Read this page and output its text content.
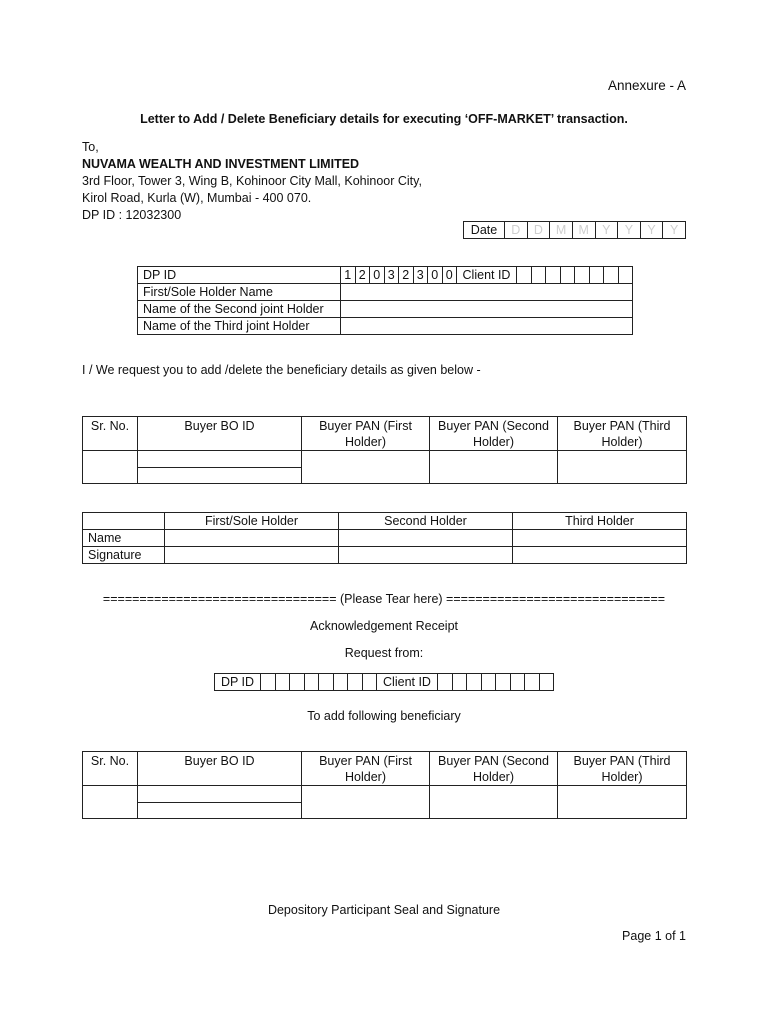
Annexure - A
Letter to Add / Delete Beneficiary details for executing ‘OFF-MARKET’ transaction.
To,
NUVAMA WEALTH AND INVESTMENT LIMITED
3rd Floor, Tower 3, Wing B, Kohinoor City Mall, Kohinoor City,
Kirol Road, Kurla (W), Mumbai - 400 070.
DP ID : 12032300
Date	D	D	M	M	Y	Y	Y	Y
DP ID	1	2	0	3	2	3	0	0	Client ID								
First/Sole Holder Name																	
Name of the Second joint Holder																	
Name of the Third joint Holder																	
I / We request you to add /delete the beneficiary details as given below -
Sr. No.	Buyer BO ID	Buyer PAN (First Holder)	Buyer PAN (Second Holder)	Buyer PAN (Third Holder)

	First/Sole Holder	Second Holder	Third Holder
Name			
Signature			
================================ (Please Tear here) ==============================
Acknowledgement Receipt
Request from:
DP ID									Client ID								
To add following beneficiary
Sr. No.	Buyer BO ID	Buyer PAN (First Holder)	Buyer PAN (Second Holder)	Buyer PAN (Third Holder)

Depository Participant Seal and Signature
Page 1 of 1
